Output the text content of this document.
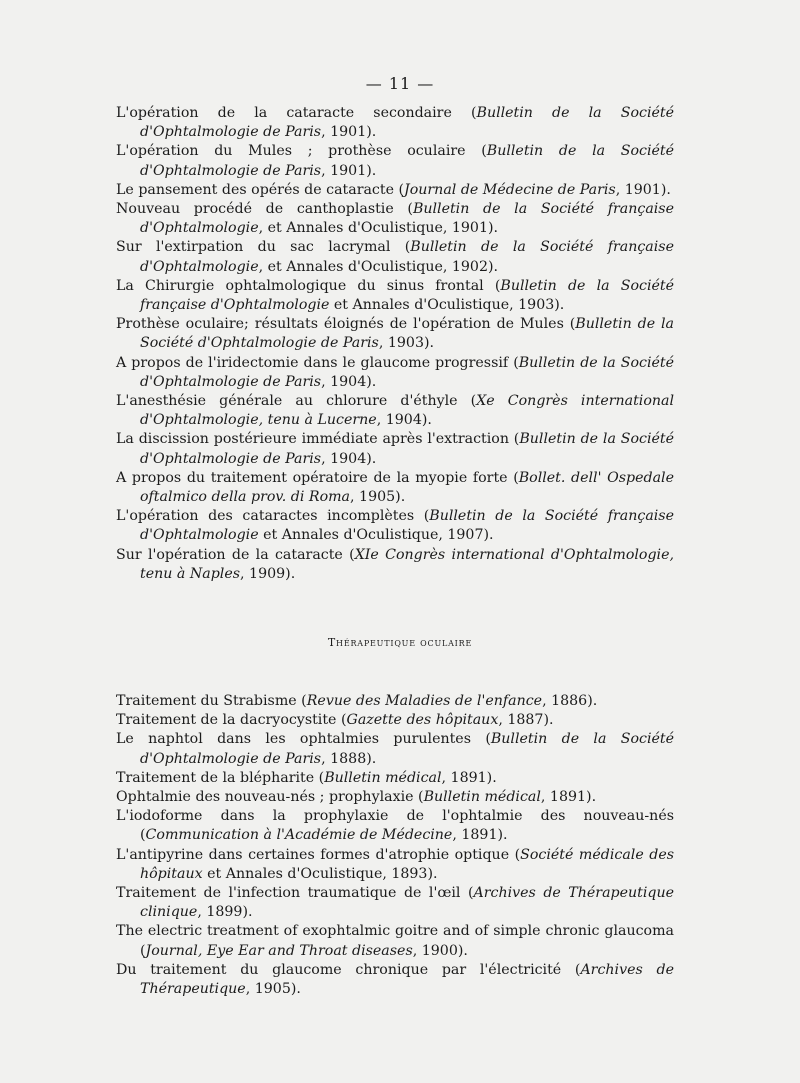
— 11 —

L'opération de la cataracte secondaire (Bulletin de la Société d'Ophtalmologie de Paris, 1901).

L'opération du Mules ; prothèse oculaire (Bulletin de la Société d'Ophtalmologie de Paris, 1901).

Le pansement des opérés de cataracte (Journal de Médecine de Paris, 1901).

Nouveau procédé de canthoplastie (Bulletin de la Société française d'Ophtalmologie, et Annales d'Oculistique, 1901).

Sur l'extirpation du sac lacrymal (Bulletin de la Société française d'Ophtalmologie, et Annales d'Oculistique, 1902).

La Chirurgie ophtalmologique du sinus frontal (Bulletin de la Société française d'Ophtalmologie et Annales d'Oculistique, 1903).

Prothèse oculaire; résultats éloignés de l'opération de Mules (Bulletin de la Société d'Ophtalmologie de Paris, 1903).

A propos de l'iridectomie dans le glaucome progressif (Bulletin de la Société d'Ophtalmologie de Paris, 1904).

L'anesthésie générale au chlorure d'éthyle (Xe Congrès international d'Ophtalmologie, tenu à Lucerne, 1904).

La discission postérieure immédiate après l'extraction (Bulletin de la Société d'Ophtalmologie de Paris, 1904).

A propos du traitement opératoire de la myopie forte (Bollet. dell' Ospedale oftalmico della prov. di Roma, 1905).

L'opération des cataractes incomplètes (Bulletin de la Société française d'Ophtalmologie et Annales d'Oculistique, 1907).

Sur l'opération de la cataracte (XIe Congrès international d'Ophtalmologie, tenu à Naples, 1909).

Thérapeutique oculaire

Traitement du Strabisme (Revue des Maladies de l'enfance, 1886).

Traitement de la dacryocystite (Gazette des hôpitaux, 1887).

Le naphtol dans les ophtalmies purulentes (Bulletin de la Société d'Ophtalmologie de Paris, 1888).

Traitement de la blépharite (Bulletin médical, 1891).

Ophtalmie des nouveau-nés ; prophylaxie (Bulletin médical, 1891).

L'iodoforme dans la prophylaxie de l'ophtalmie des nouveau-nés (Communication à l'Académie de Médecine, 1891).

L'antipyrine dans certaines formes d'atrophie optique (Société médicale des hôpitaux et Annales d'Oculistique, 1893).

Traitement de l'infection traumatique de l'œil (Archives de Thérapeutique clinique, 1899).

The electric treatment of exophtalmic goitre and of simple chronic glaucoma (Journal, Eye Ear and Throat diseases, 1900).

Du traitement du glaucome chronique par l'électricité (Archives de Thérapeutique, 1905).
